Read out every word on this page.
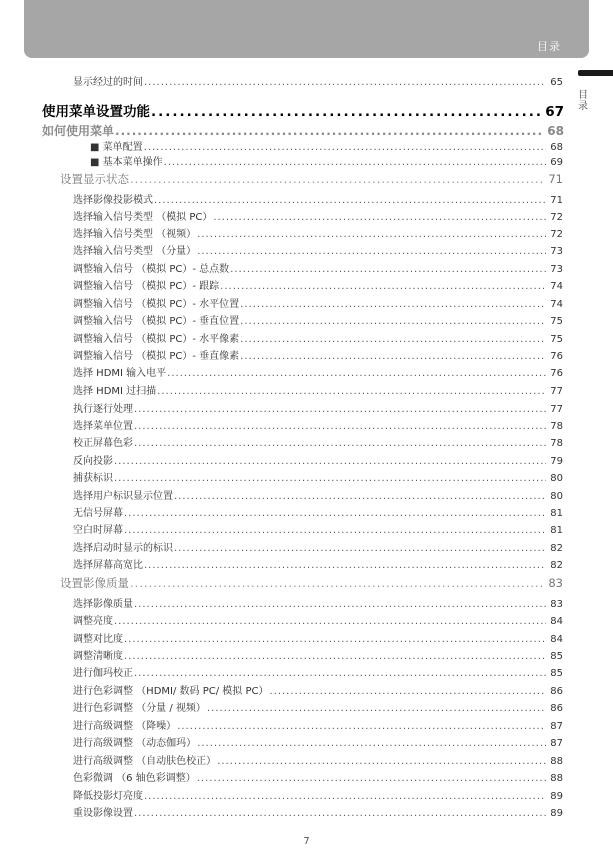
目录
目
录
显示经过的时间 .....	65
使用菜单设置功能 .....	67
如何使用菜单 .....	68
■ 菜单配置 .....	68
■ 基本菜单操作 .....	69
设置显示状态 .....	71
选择影像投影模式 .....	71
选择输入信号类型 （模拟 PC） .....	72
选择输入信号类型 （视频） .....	72
选择输入信号类型 （分量） .....	73
调整输入信号 （模拟 PC）- 总点数 .....	73
调整输入信号 （模拟 PC）- 跟踪 .....	74
调整输入信号 （模拟 PC）- 水平位置 .....	74
调整输入信号 （模拟 PC）- 垂直位置 .....	75
调整输入信号 （模拟 PC）- 水平像素 .....	75
调整输入信号 （模拟 PC）- 垂直像素 .....	76
选择 HDMI 输入电平 .....	76
选择 HDMI 过扫描 .....	77
执行逐行处理 .....	77
选择菜单位置 .....	78
校正屏幕色彩 .....	78
反向投影 .....	79
捕获标识 .....	80
选择用户标识显示位置 .....	80
无信号屏幕 .....	81
空白时屏幕 .....	81
选择启动时显示的标识 .....	82
选择屏幕高宽比 .....	82
设置影像质量 .....	83
选择影像质量 .....	83
调整亮度 .....	84
调整对比度 .....	84
调整清晰度 .....	85
进行伽玛校正 .....	85
进行色彩调整 （HDMI/ 数码 PC/ 模拟 PC） .....	86
进行色彩调整 （分量 / 视频） .....	86
进行高级调整 （降噪） .....	87
进行高级调整 （动态伽玛） .....	87
进行高级调整 （自动肤色校正） .....	88
色彩微调 （6 轴色彩调整） .....	88
降低投影灯亮度 .....	89
重设影像设置 .....	89
7
